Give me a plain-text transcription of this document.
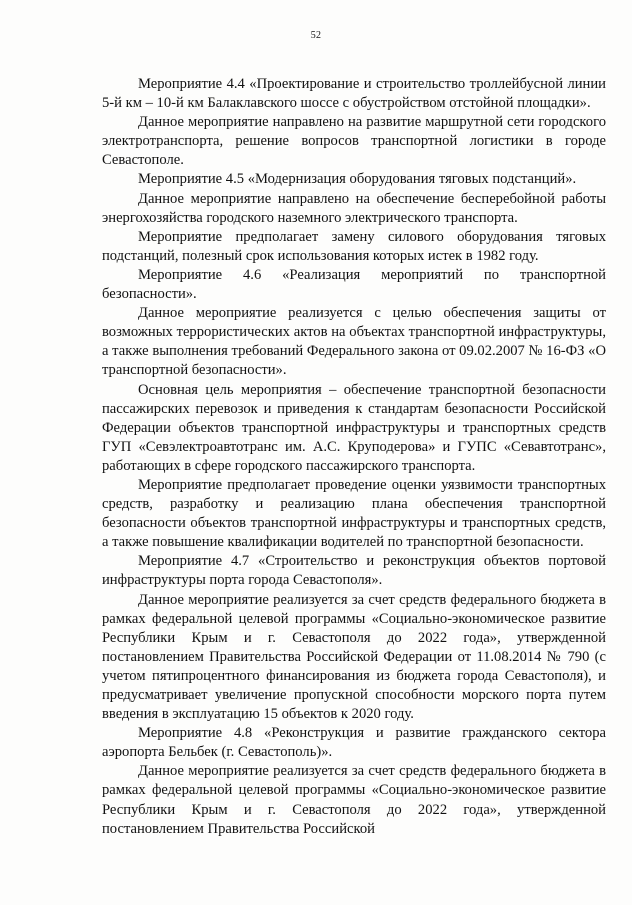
52

Мероприятие 4.4 «Проектирование и строительство троллейбусной линии 5-й км – 10-й км Балаклавского шоссе с обустройством отстойной площадки».

Данное мероприятие направлено на развитие маршрутной сети городского электротранспорта, решение вопросов транспортной логистики в городе Севастополе.

Мероприятие 4.5 «Модернизация оборудования тяговых подстанций».

Данное мероприятие направлено на обеспечение бесперебойной работы энергохозяйства городского наземного электрического транспорта.

Мероприятие предполагает замену силового оборудования тяговых подстанций, полезный срок использования которых истек в 1982 году.

Мероприятие 4.6 «Реализация мероприятий по транспортной безопасности».

Данное мероприятие реализуется с целью обеспечения защиты от возможных террористических актов на объектах транспортной инфраструктуры, а также выполнения требований Федерального закона от 09.02.2007 № 16-ФЗ «О транспортной безопасности».

Основная цель мероприятия – обеспечение транспортной безопасности пассажирских перевозок и приведения к стандартам безопасности Российской Федерации объектов транспортной инфраструктуры и транспортных средств ГУП «Севэлектроавтотранс им. А.С. Круподерова» и ГУПС «Севавтотранс», работающих в сфере городского пассажирского транспорта.

Мероприятие предполагает проведение оценки уязвимости транспортных средств, разработку и реализацию плана обеспечения транспортной безопасности объектов транспортной инфраструктуры и транспортных средств, а также повышение квалификации водителей по транспортной безопасности.

Мероприятие 4.7 «Строительство и реконструкция объектов портовой инфраструктуры порта города Севастополя».

Данное мероприятие реализуется за счет средств федерального бюджета в рамках федеральной целевой программы «Социально-экономическое развитие Республики Крым и г. Севастополя до 2022 года», утвержденной постановлением Правительства Российской Федерации от 11.08.2014 № 790 (с учетом пятипроцентного финансирования из бюджета города Севастополя), и предусматривает увеличение пропускной способности морского порта путем введения в эксплуатацию 15 объектов к 2020 году.

Мероприятие 4.8 «Реконструкция и развитие гражданского сектора аэропорта Бельбек (г. Севастополь)».

Данное мероприятие реализуется за счет средств федерального бюджета в рамках федеральной целевой программы «Социально-экономическое развитие Республики Крым и г. Севастополя до 2022 года», утвержденной постановлением Правительства Российской
